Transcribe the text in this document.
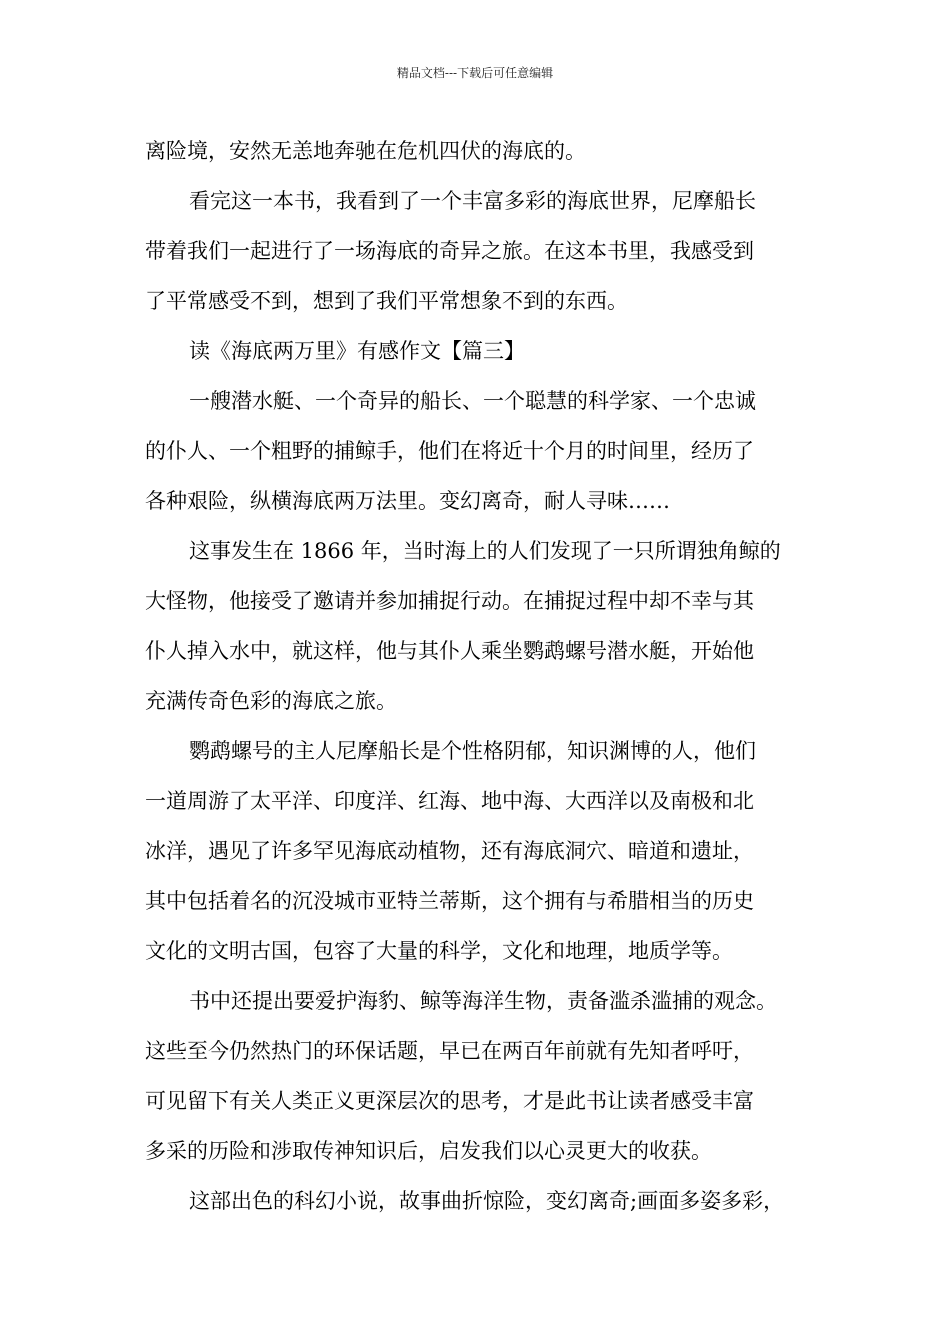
精品文档---下载后可任意编辑
离险境，安然无恙地奔驰在危机四伏的海底的。
看完这一本书，我看到了一个丰富多彩的海底世界，尼摩船长
带着我们一起进行了一场海底的奇异之旅。在这本书里，我感受到
了平常感受不到，想到了我们平常想象不到的东西。
读《海底两万里》有感作文【篇三】
一艘潜水艇、一个奇异的船长、一个聪慧的科学家、一个忠诚
的仆人、一个粗野的捕鲸手，他们在将近十个月的时间里，经历了
各种艰险，纵横海底两万法里。变幻离奇，耐人寻味……
这事发生在 1866 年，当时海上的人们发现了一只所谓独角鲸的
大怪物，他接受了邀请并参加捕捉行动。在捕捉过程中却不幸与其
仆人掉入水中，就这样，他与其仆人乘坐鹦鹉螺号潜水艇，开始他
充满传奇色彩的海底之旅。
鹦鹉螺号的主人尼摩船长是个性格阴郁，知识渊博的人，他们
一道周游了太平洋、印度洋、红海、地中海、大西洋以及南极和北
冰洋，遇见了许多罕见海底动植物，还有海底洞穴、暗道和遗址，
其中包括着名的沉没城市亚特兰蒂斯，这个拥有与希腊相当的历史
文化的文明古国，包容了大量的科学，文化和地理，地质学等。
书中还提出要爱护海豹、鲸等海洋生物，责备滥杀滥捕的观念。
这些至今仍然热门的环保话题，早已在两百年前就有先知者呼吁，
可见留下有关人类正义更深层次的思考，才是此书让读者感受丰富
多采的历险和涉取传神知识后，启发我们以心灵更大的收获。
这部出色的科幻小说，故事曲折惊险，变幻离奇;画面多姿多彩，
